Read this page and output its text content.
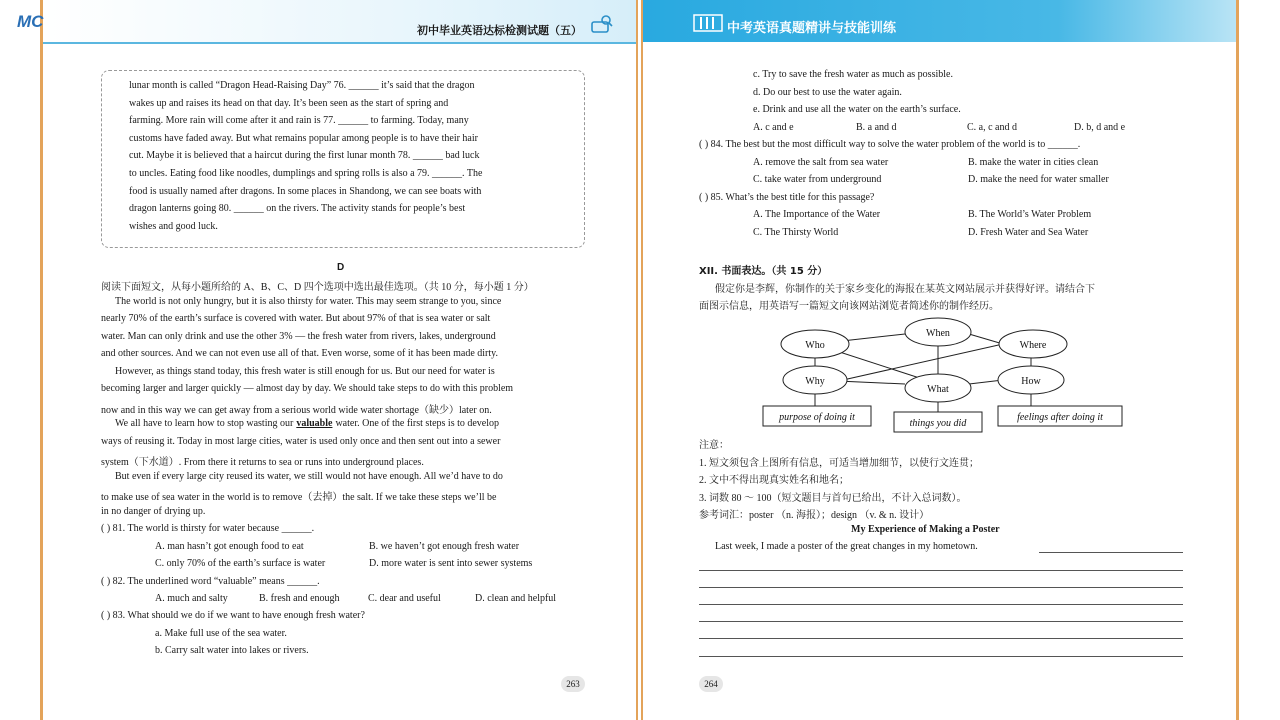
MC	初中毕业英语达标检测试题（五）
lunar month is called “Dragon Head-Raising Day” 76. ______ it’s said that the dragon
wakes up and raises its head on that day. It’s been seen as the start of spring and
farming. More rain will come after it and rain is 77. ______ to farming. Today, many
customs have faded away. But what remains popular among people is to have their hair
cut. Maybe it is believed that a haircut during the first lunar month 78. ______ bad luck
to uncles. Eating food like noodles, dumplings and spring rolls is also a 79. ______. The
food is usually named after dragons. In some places in Shandong, we can see boats with
dragon lanterns going 80. ______ on the rivers. The activity stands for people’s best
wishes and good luck.
D
阅读下面短文，从每小题所给的 A、B、C、D 四个选项中选出最佳选项。（共 10 分，每小题 1 分）
The world is not only hungry, but it is also thirsty for water. This may seem strange to you, since
nearly 70% of the earth’s surface is covered with water. But about 97% of that is sea water or salt
water. Man can only drink and use the other 3% — the fresh water from rivers, lakes, underground
and other sources. And we can not even use all of that. Even worse, some of it has been made dirty.
However, as things stand today, this fresh water is still enough for us. But our need for water is
becoming larger and larger quickly — almost day by day. We should take steps to do with this problem
now and in this way we can get away from a serious world wide water shortage（缺少）later on.
We all have to learn how to stop wasting our valuable water. One of the first steps is to develop
ways of reusing it. Today in most large cities, water is used only once and then sent out into a sewer
system（下水道）. From there it returns to sea or runs into underground places.
But even if every large city reused its water, we still would not have enough. All we’d have to do
to make use of sea water in the world is to remove（去掉）the salt. If we take these steps we’ll be
in no danger of drying up.
( ) 81. The world is thirsty for water because ______.
A. man hasn’t got enough food to eat	B. we haven’t got enough fresh water
C. only 70% of the earth’s surface is water	D. more water is sent into sewer systems
( ) 82. The underlined word “valuable” means ______.
A. much and salty	B. fresh and enough	C. dear and useful	D. clean and helpful
( ) 83. What should we do if we want to have enough fresh water?
a. Make full use of the sea water.
b. Carry salt water into lakes or rivers.
263
中考英语真题精讲与技能训练
c. Try to save the fresh water as much as possible.
d. Do our best to use the water again.
e. Drink and use all the water on the earth’s surface.
A. c and e	B. a and d	C. a, c and d	D. b, d and e
( ) 84. The best but the most difficult way to solve the water problem of the world is to ______.
A. remove the salt from sea water	B. make the water in cities clean
C. take water from underground	D. make the need for water smaller
( ) 85. What’s the best title for this passage?
A. The Importance of the Water	B. The World’s Water Problem
C. The Thirsty World	D. Fresh Water and Sea Water
XII. 书面表达。（共 15 分）
假定你是李辉，你制作的关于家乡变化的海报在某英文网站展示并获得好评。请结合下
面图示信息，用英语写一篇短文向该网站浏览者简述你的制作经历。
Who
When
Where
Why
What
How
purpose of doing it
things you did
feelings after doing it
注意：
1. 短文须包含上图所有信息，可适当增加细节，以使行文连贯；
2. 文中不得出现真实姓名和地名；
3. 词数 80 ～ 100（短文题目与首句已给出，不计入总词数）。
参考词汇：poster （n. 海报）；design （v. & n. 设计）
My Experience of Making a Poster
Last week, I made a poster of the great changes in my hometown.
264
